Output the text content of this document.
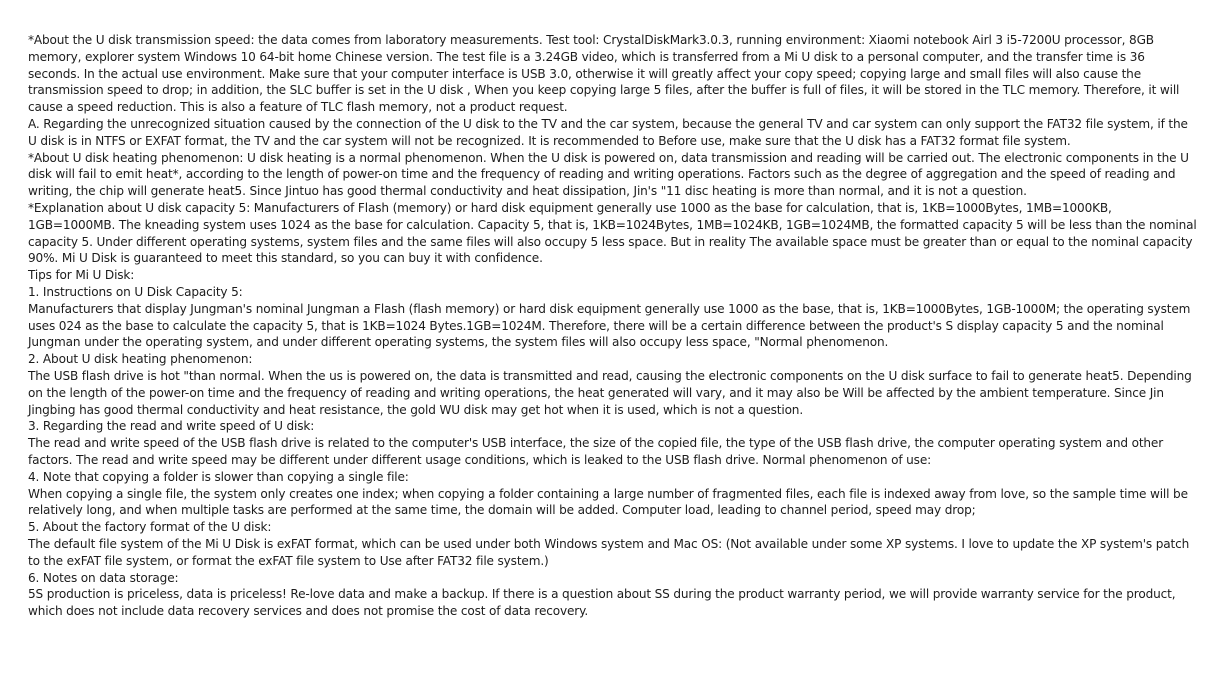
*About the U disk transmission speed: the data comes from laboratory measurements. Test tool: CrystalDiskMark3.0.3, running environment: Xiaomi notebook Airl 3 i5-7200U processor, 8GB memory, explorer system Windows 10 64-bit home Chinese version. The test file is a 3.24GB video, which is transferred from a Mi U disk to a personal computer, and the transfer time is 36 seconds. In the actual use environment. Make sure that your computer interface is USB 3.0, otherwise it will greatly affect your copy speed; copying large and small files will also cause the transmission speed to drop; in addition, the SLC buffer is set in the U disk , When you keep copying large 5 files, after the buffer is full of files, it will be stored in the TLC memory. Therefore, it will cause a speed reduction. This is also a feature of TLC flash memory, not a product request.

A. Regarding the unrecognized situation caused by the connection of the U disk to the TV and the car system, because the general TV and car system can only support the FAT32 file system, if the U disk is in NTFS or EXFAT format, the TV and the car system will not be recognized. It is recommended to Before use, make sure that the U disk has a FAT32 format file system.

*About U disk heating phenomenon: U disk heating is a normal phenomenon. When the U disk is powered on, data transmission and reading will be carried out. The electronic components in the U disk will fail to emit heat*, according to the length of power-on time and the frequency of reading and writing operations. Factors such as the degree of aggregation and the speed of reading and writing, the chip will generate heat5. Since Jintuo has good thermal conductivity and heat dissipation, Jin's "11 disc heating is more than normal, and it is not a question.

*Explanation about U disk capacity 5: Manufacturers of Flash (memory) or hard disk equipment generally use 1000 as the base for calculation, that is, 1KB=1000Bytes, 1MB=1000KB, 1GB=1000MB. The kneading system uses 1024 as the base for calculation. Capacity 5, that is, 1KB=1024Bytes, 1MB=1024KB, 1GB=1024MB, the formatted capacity 5 will be less than the nominal capacity 5. Under different operating systems, system files and the same files will also occupy 5 less space. But in reality The available space must be greater than or equal to the nominal capacity

90%. Mi U Disk is guaranteed to meet this standard, so you can buy it with confidence.

Tips for Mi U Disk:

1. Instructions on U Disk Capacity 5:

Manufacturers that display Jungman's nominal Jungman a Flash (flash memory) or hard disk equipment generally use 1000 as the base, that is, 1KB=1000Bytes, 1GB-1000M; the operating system uses 024 as the base to calculate the capacity 5, that is 1KB=1024 Bytes.1GB=1024M. Therefore, there will be a certain difference between the product's S display capacity 5 and the nominal Jungman under the operating system, and under different operating systems, the system files will also occupy less space, "Normal phenomenon.

2. About U disk heating phenomenon:

The USB flash drive is hot "than normal. When the us is powered on, the data is transmitted and read, causing the electronic components on the U disk surface to fail to generate heat5. Depending on the length of the power-on time and the frequency of reading and writing operations, the heat generated will vary, and it may also be Will be affected by the ambient temperature. Since Jin Jingbing has good thermal conductivity and heat resistance, the gold WU disk may get hot when it is used, which is not a question.

3. Regarding the read and write speed of U disk:

The read and write speed of the USB flash drive is related to the computer's USB interface, the size of the copied file, the type of the USB flash drive, the computer operating system and other factors. The read and write speed may be different under different usage conditions, which is leaked to the USB flash drive. Normal phenomenon of use:

4. Note that copying a folder is slower than copying a single file:

When copying a single file, the system only creates one index; when copying a folder containing a large number of fragmented files, each file is indexed away from love, so the sample time will be relatively long, and when multiple tasks are performed at the same time, the domain will be added. Computer load, leading to channel period, speed may drop;

5. About the factory format of the U disk:

The default file system of the Mi U Disk is exFAT format, which can be used under both Windows system and Mac OS: (Not available under some XP systems. I love to update the XP system's patch to the exFAT file system, or format the exFAT file system to Use after FAT32 file system.)

6. Notes on data storage:

5S production is priceless, data is priceless! Re-love data and make a backup. If there is a question about SS during the product warranty period, we will provide warranty service for the product, which does not include data recovery services and does not promise the cost of data recovery.
